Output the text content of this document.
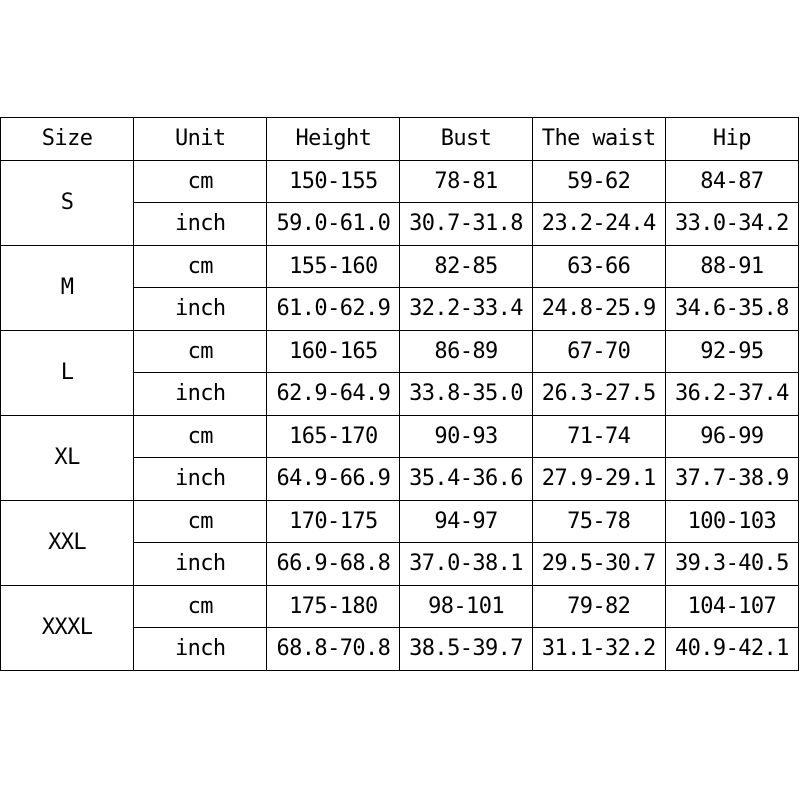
Size	Unit	Height	Bust	The waist	Hip
S	cm	150-155	78-81	59-62	84-87
	inch	59.0-61.0	30.7-31.8	23.2-24.4	33.0-34.2
M	cm	155-160	82-85	63-66	88-91
	inch	61.0-62.9	32.2-33.4	24.8-25.9	34.6-35.8
L	cm	160-165	86-89	67-70	92-95
	inch	62.9-64.9	33.8-35.0	26.3-27.5	36.2-37.4
XL	cm	165-170	90-93	71-74	96-99
	inch	64.9-66.9	35.4-36.6	27.9-29.1	37.7-38.9
XXL	cm	170-175	94-97	75-78	100-103
	inch	66.9-68.8	37.0-38.1	29.5-30.7	39.3-40.5
XXXL	cm	175-180	98-101	79-82	104-107
	inch	68.8-70.8	38.5-39.7	31.1-32.2	40.9-42.1
